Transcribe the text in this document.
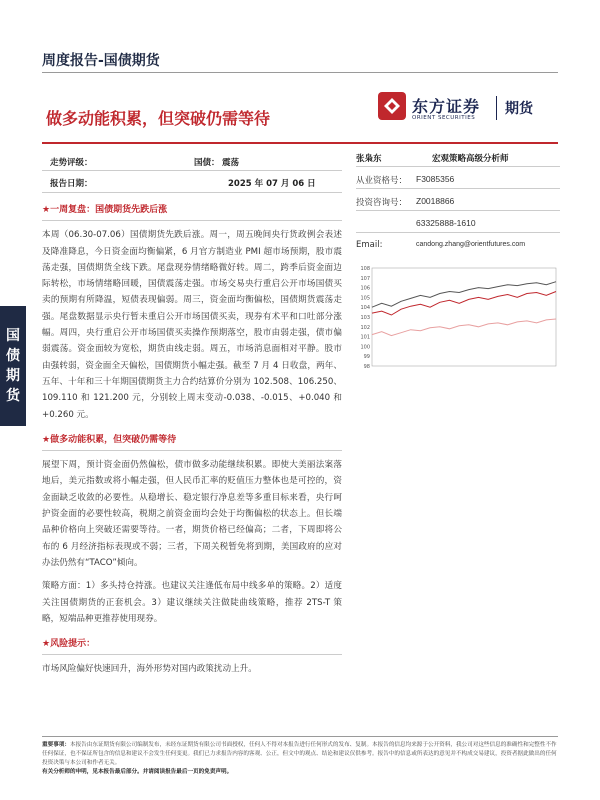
周度报告-国债期货
做多动能积累，但突破仍需等待
东方证券
ORIENT SECURITIES
期货
走势评级：	国债： 震荡
报告日期：	2025 年 07 月 06 日
国
债
期
货
★一周复盘：国债期货先跌后涨
本周（06.30-07.06）国债期货先跌后涨。周一，周五晚间央行货政例会表述及降准降息，今日资金面均衡偏紧，6 月官方制造业 PMI 超市场预期，股市震荡走强，国债期货全线下跌。尾盘现券情绪略微好转。周二，跨季后资金面边际转松，市场情绪略回暖，国债震荡走强。市场交易央行重启公开市场国债买卖的预期有所降温，短债表现偏弱。周三，资金面均衡偏松，国债期货震荡走强。尾盘数据显示央行暂未重启公开市场国债买卖，现券有术平和口吐部分涨幅。周四，央行重启公开市场国债买卖操作预期落空，股市由弱走强，债市偏弱震荡。资金面较为宽松，期货由线走弱。周五，市场消息面相对平静。股市由强转弱，资金面全天偏松，国债期货小幅走强。截至 7 月 4 日收盘，两年、五年、十年和三十年期国债期货主力合约结算价分别为 102.508、106.250、109.110 和 121.200 元，分别较上周末变动-0.038、-0.015、+0.040 和+0.260 元。
★做多动能积累，但突破仍需等待
展望下周，预计资金面仍然偏松，债市做多动能继续积累。即使大美丽法案落地后，美元指数或将小幅走强，但人民币汇率的贬值压力整体也是可控的，资金面缺乏收敛的必要性。从稳增长、稳定银行净息差等多重目标来看，央行呵护资金面的必要性较高，税期之前资金面均会处于均衡偏松的状态上。但长端品种价格向上突破还需要等待。一者，期货价格已经偏高；二者，下周即将公布的 6 月经济指标表现或不弱；三者，下周关税暂免将到期，美国政府的应对办法仍然有“TACO”倾向。
策略方面：1）多头持仓持涨。也建议关注逢低布局中线多单的策略。2）适度关注国债期货的正套机会。3）建议继续关注做陡曲线策略，推荐 2TS-T 策略，短端品种更推荐使用现券。
★风险提示：
市场风险偏好快速回升，海外形势对国内政策扰动上升。
张枭东	宏观策略高级分析师
从业资格号： F3085356
投资咨询号： Z0018866
63325888-1610
Email:	candong.zhang@orientfutures.com
108
107
106
105
104
103
102
101
100
99
98
重要事项：本报告由东证期货有限公司编制发布，未经东证期货有限公司书面授权，任何人不得对本报告进行任何形式的发布、复制。本报告的信息均来源于公开资料，我公司对这些信息的准确性和完整性不作任何保证，也不保证所包含的信息和建议不会发生任何变更。我们已力求报告内容的客观、公正，但文中的观点、结论和建议仅供参考。报告中的信息或所表达的意见并不构成交易建议，投资者据此做出的任何投资决策与本公司和作者无关。
有关分析师的申明，见本报告最后部分。并请阅读报告最后一页的免责声明。
